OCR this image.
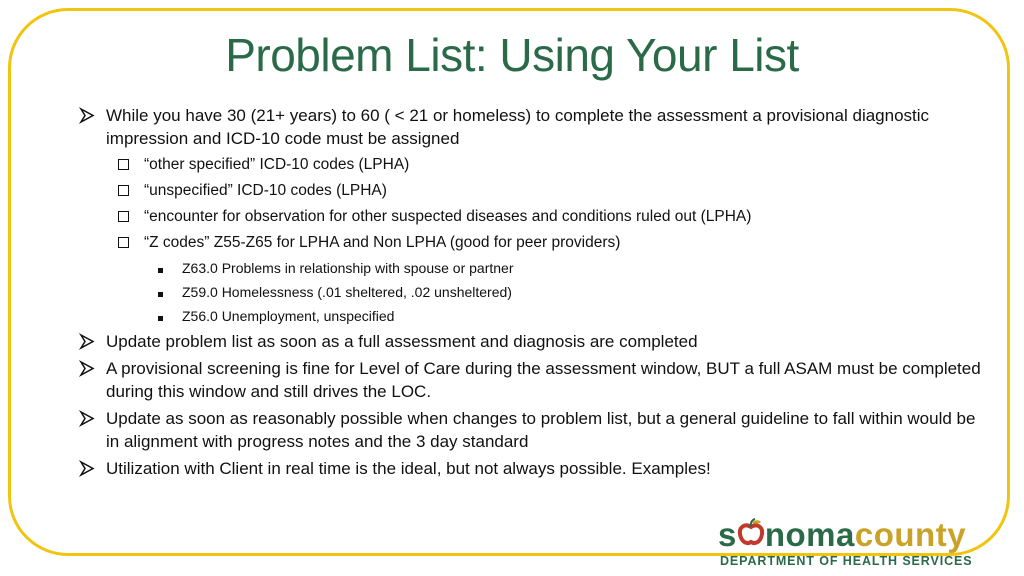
Problem List: Using Your List
While you have 30 (21+ years) to 60 ( < 21 or homeless) to complete the assessment a provisional diagnostic impression and ICD-10 code must be assigned
“other specified” ICD-10 codes (LPHA)
“unspecified” ICD-10 codes (LPHA)
“encounter for observation for other suspected diseases and conditions ruled out (LPHA)
“Z codes” Z55-Z65 for LPHA and Non LPHA (good for peer providers)
Z63.0 Problems in relationship with spouse or partner
Z59.0 Homelessness (.01 sheltered, .02 unsheltered)
Z56.0 Unemployment, unspecified
Update problem list as soon as a full assessment and diagnosis are completed
A provisional screening is fine for Level of Care during the assessment window, BUT a full ASAM must be completed during this window and still drives the LOC.
Update as soon as reasonably possible when changes to problem list, but a general guideline to fall within would be in alignment with progress notes and the 3 day standard
Utilization with Client in real time is the ideal, but not always possible. Examples!
s nomacounty
DEPARTMENT OF HEALTH SERVICES
